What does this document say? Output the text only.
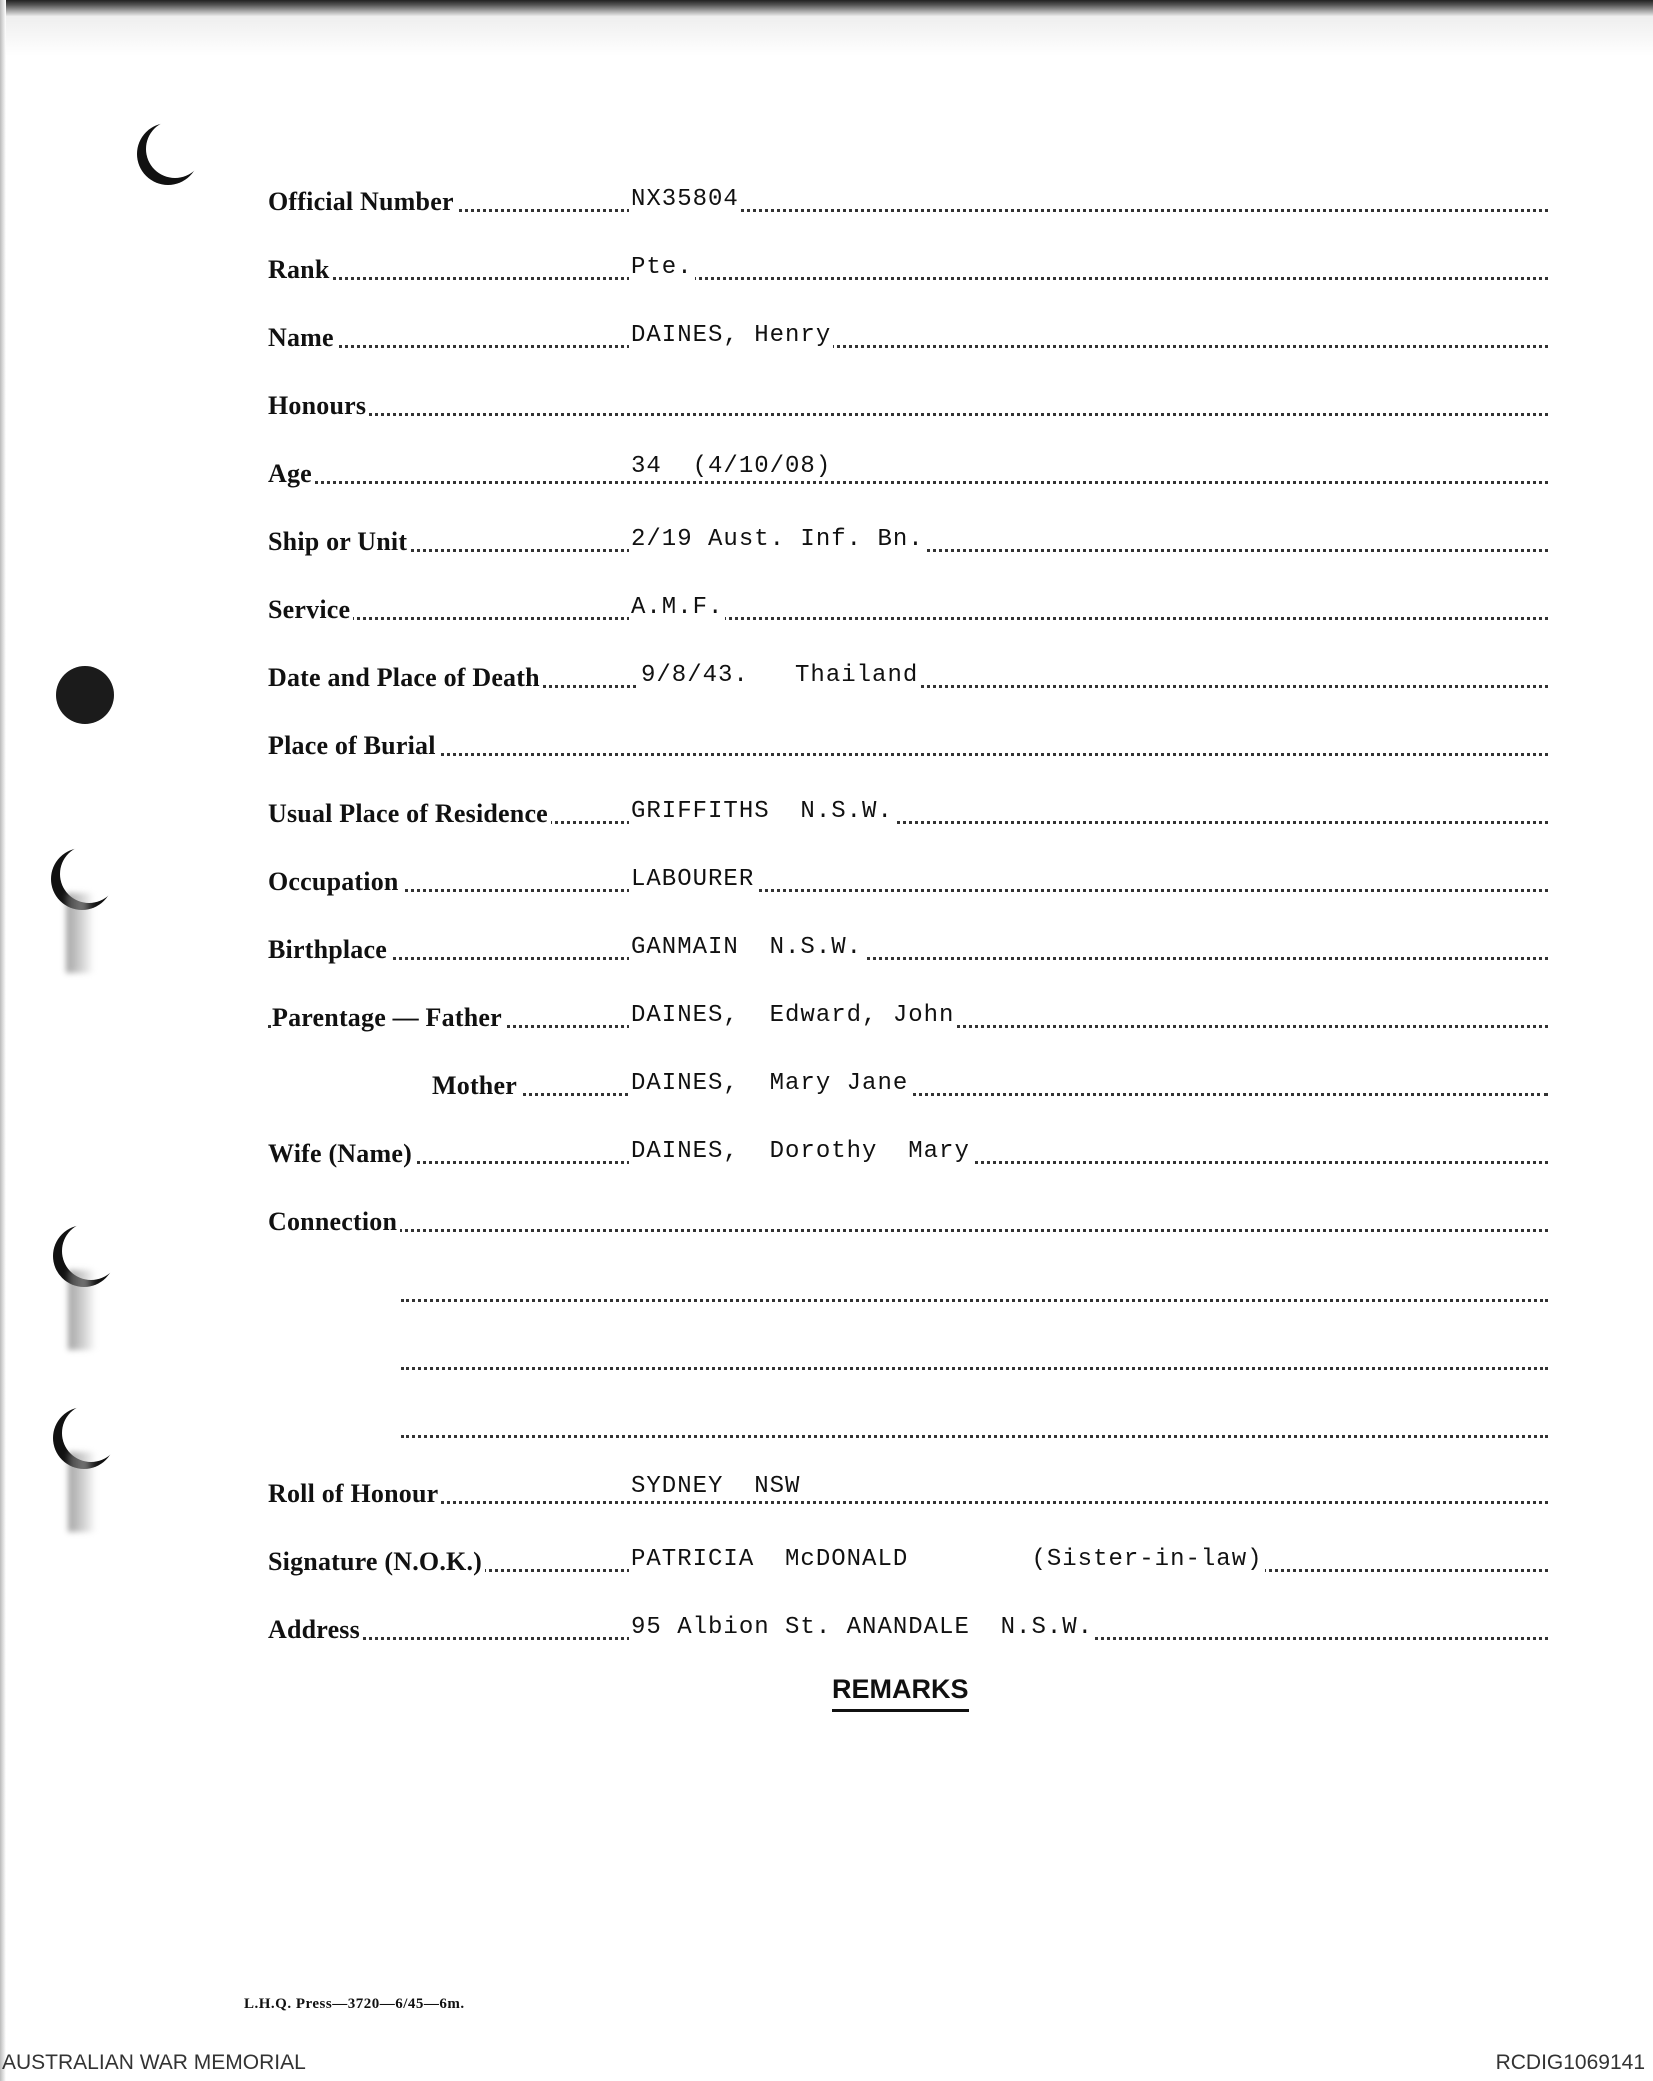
Official Number	NX35804
Rank	Pte.
Name	DAINES, Henry
Honours
Age	34  (4/10/08)
Ship or Unit	2/19 Aust. Inf. Bn.
Service	A.M.F.
Date and Place of Death	9/8/43.   Thailand
Place of Burial
Usual Place of Residence	GRIFFITHS  N.S.W.
Occupation	LABOURER
Birthplace	GANMAIN  N.S.W.
Parentage — Father	DAINES,  Edward, John
Mother	DAINES,  Mary Jane
Wife (Name)	DAINES,  Dorothy  Mary
Connection
Roll of Honour	SYDNEY  NSW
Signature (N.O.K.)	PATRICIA  McDONALD        (Sister-in-law)
Address	95 Albion St. ANANDALE  N.S.W.
REMARKS
L.H.Q. Press—3720—6/45—6m.
AUSTRALIAN WAR MEMORIAL	RCDIG1069141
